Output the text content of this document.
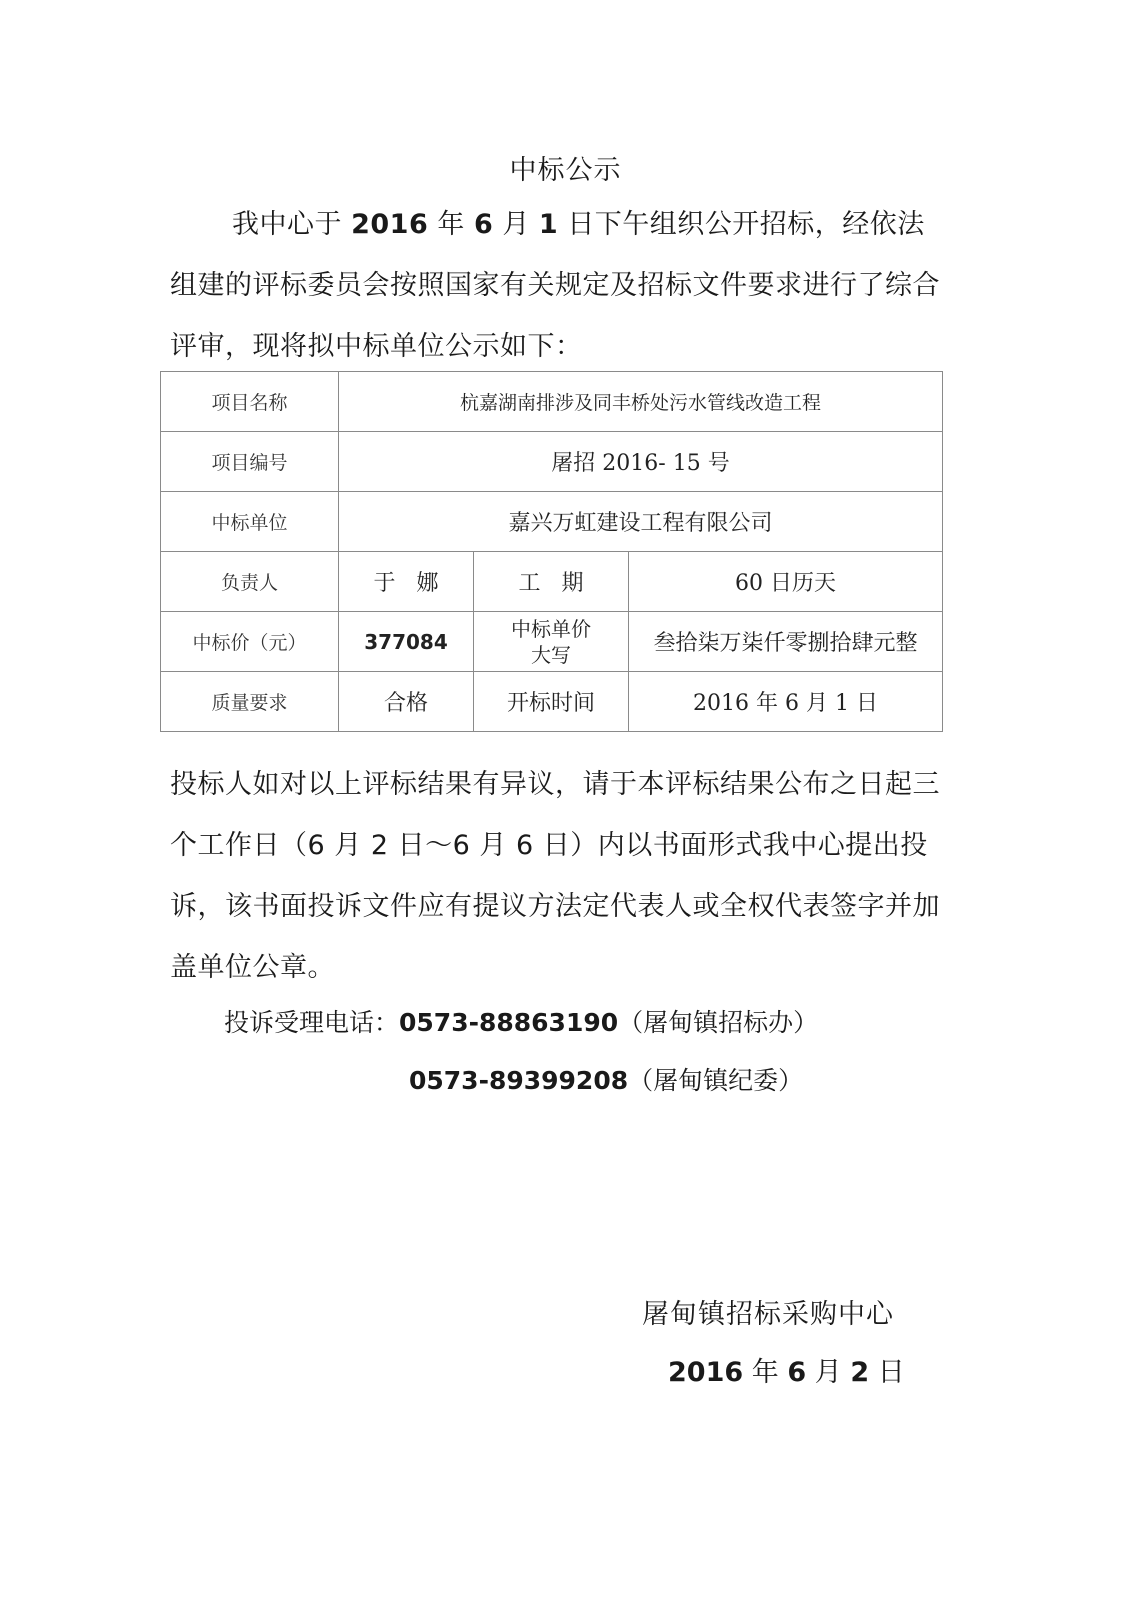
中标公示

我中心于 2016 年 6 月 1 日下午组织公开招标，经依法组建的评标委员会按照国家有关规定及招标文件要求进行了综合评审，现将拟中标单位公示如下：

项目名称	杭嘉湖南排涉及同丰桥处污水管线改造工程		
项目编号	屠招 2016- 15 号		
中标单位	嘉兴万虹建设工程有限公司		
负责人	于   娜	工   期	60 日历天
中标价（元）	377084	中标单价大写	叁拾柒万柒仟零捌拾肆元整
质量要求	合格	开标时间	2016 年 6 月 1 日

投标人如对以上评标结果有异议，请于本评标结果公布之日起三个工作日（6 月 2 日～6 月 6 日）内以书面形式我中心提出投诉，该书面投诉文件应有提议方法定代表人或全权代表签字并加盖单位公章。

投诉受理电话：0573-88863190（屠甸镇招标办）
0573-89399208（屠甸镇纪委）
屠甸镇招标采购中心
2016 年 6 月 2 日
